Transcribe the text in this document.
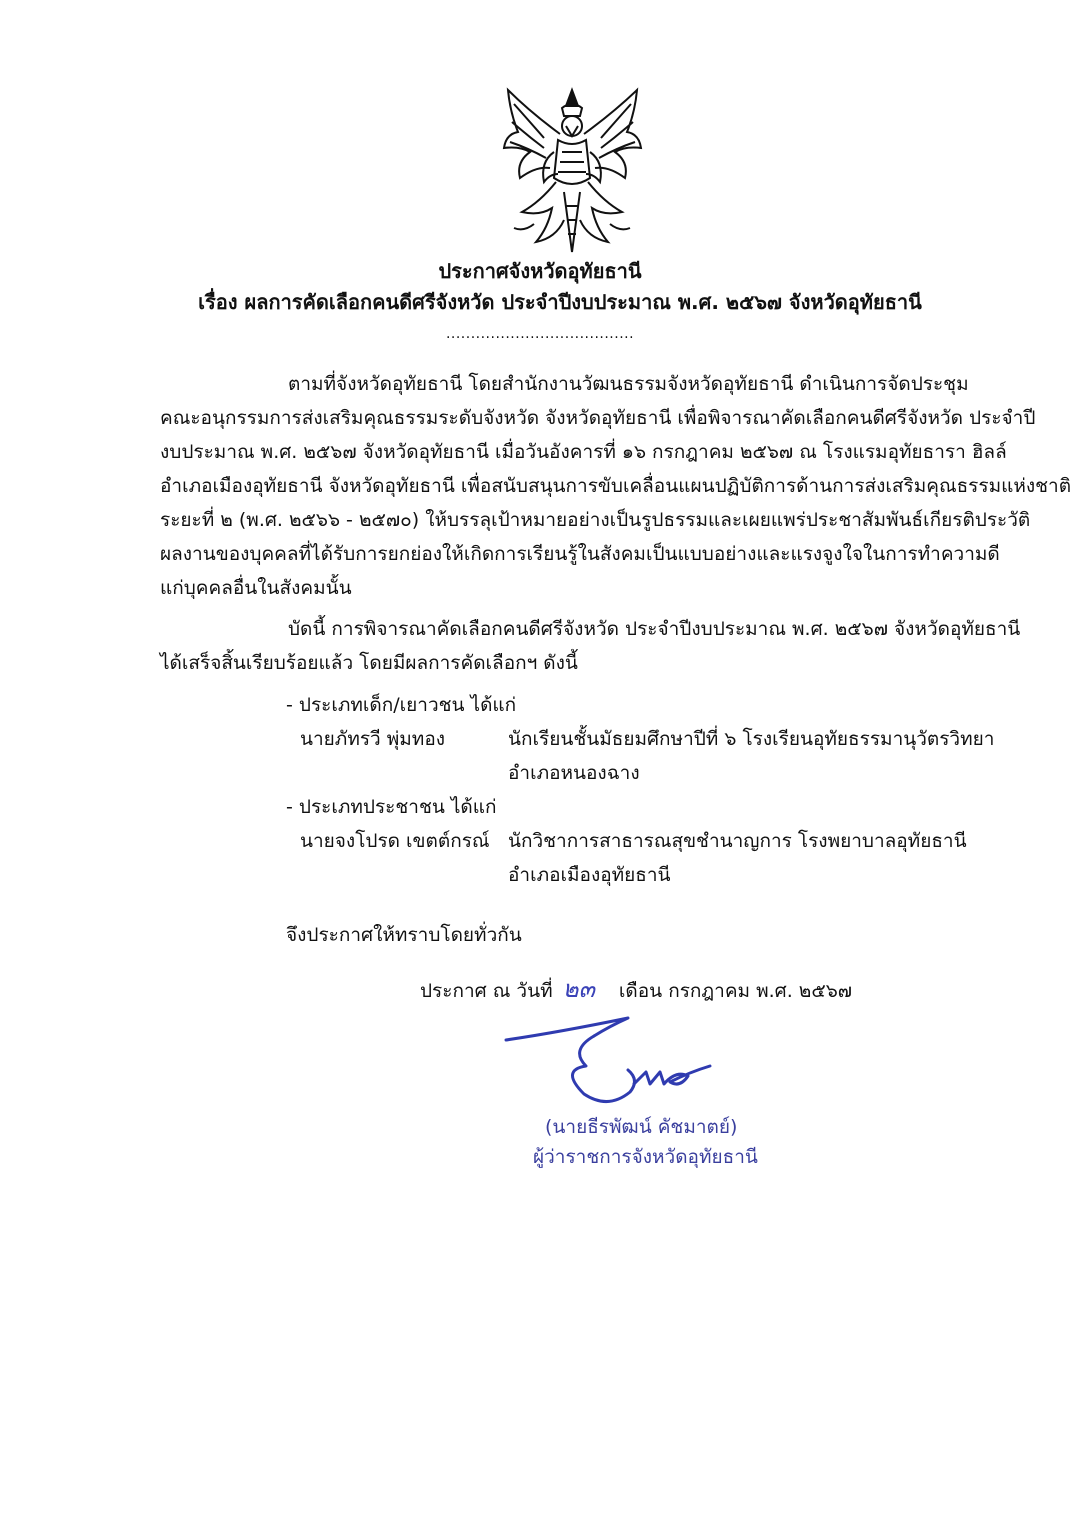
ประกาศจังหวัดอุทัยธานี
เรื่อง ผลการคัดเลือกคนดีศรีจังหวัด ประจำปีงบประมาณ พ.ศ. ๒๕๖๗ จังหวัดอุทัยธานี
......................................
ตามที่จังหวัดอุทัยธานี โดยสำนักงานวัฒนธรรมจังหวัดอุทัยธานี ดำเนินการจัดประชุม
คณะอนุกรรมการส่งเสริมคุณธรรมระดับจังหวัด จังหวัดอุทัยธานี เพื่อพิจารณาคัดเลือกคนดีศรีจังหวัด ประจำปี
งบประมาณ พ.ศ. ๒๕๖๗ จังหวัดอุทัยธานี เมื่อวันอังคารที่ ๑๖ กรกฎาคม ๒๕๖๗ ณ โรงแรมอุทัยธารา ฮิลล์
อำเภอเมืองอุทัยธานี จังหวัดอุทัยธานี เพื่อสนับสนุนการขับเคลื่อนแผนปฏิบัติการด้านการส่งเสริมคุณธรรมแห่งชาติ
ระยะที่ ๒ (พ.ศ. ๒๕๖๖ - ๒๕๗๐) ให้บรรลุเป้าหมายอย่างเป็นรูปธรรมและเผยแพร่ประชาสัมพันธ์เกียรติประวัติ
ผลงานของบุคคลที่ได้รับการยกย่องให้เกิดการเรียนรู้ในสังคมเป็นแบบอย่างและแรงจูงใจในการทำความดี
แก่บุคคลอื่นในสังคมนั้น
บัดนี้ การพิจารณาคัดเลือกคนดีศรีจังหวัด ประจำปีงบประมาณ พ.ศ. ๒๕๖๗ จังหวัดอุทัยธานี
ได้เสร็จสิ้นเรียบร้อยแล้ว โดยมีผลการคัดเลือกฯ ดังนี้
- ประเภทเด็ก/เยาวชน ได้แก่
นายภัทรวี พุ่มทอง	นักเรียนชั้นมัธยมศึกษาปีที่ ๖ โรงเรียนอุทัยธรรมานุวัตรวิทยา
อำเภอหนองฉาง
- ประเภทประชาชน ได้แก่
นายจงโปรด เขตต์กรณ์ นักวิชาการสาธารณสุขชำนาญการ โรงพยาบาลอุทัยธานี
อำเภอเมืองอุทัยธานี
จึงประกาศให้ทราบโดยทั่วกัน
ประกาศ ณ วันที่ ๒๓ เดือน กรกฎาคม พ.ศ. ๒๕๖๗
(นายธีรพัฒน์ คัชมาตย์)
ผู้ว่าราชการจังหวัดอุทัยธานี
